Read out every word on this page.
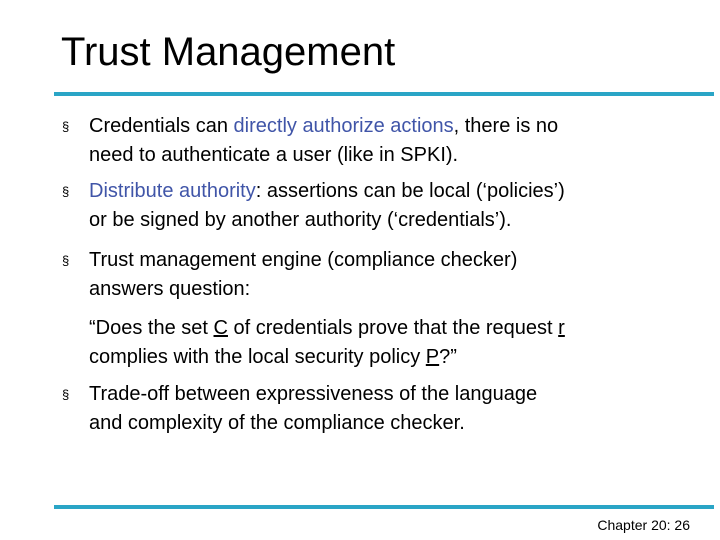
Trust Management
§ Credentials can directly authorize actions, there is no
need to authenticate a user (like in SPKI).
§ Distribute authority: assertions can be local (‘policies’)
or be signed by another authority (‘credentials’).
§ Trust management engine (compliance checker)
answers question:
“Does the set C of credentials prove that the request r
complies with the local security policy P?”
§ Trade-off between expressiveness of the language
and complexity of the compliance checker.
Chapter 20: 26
